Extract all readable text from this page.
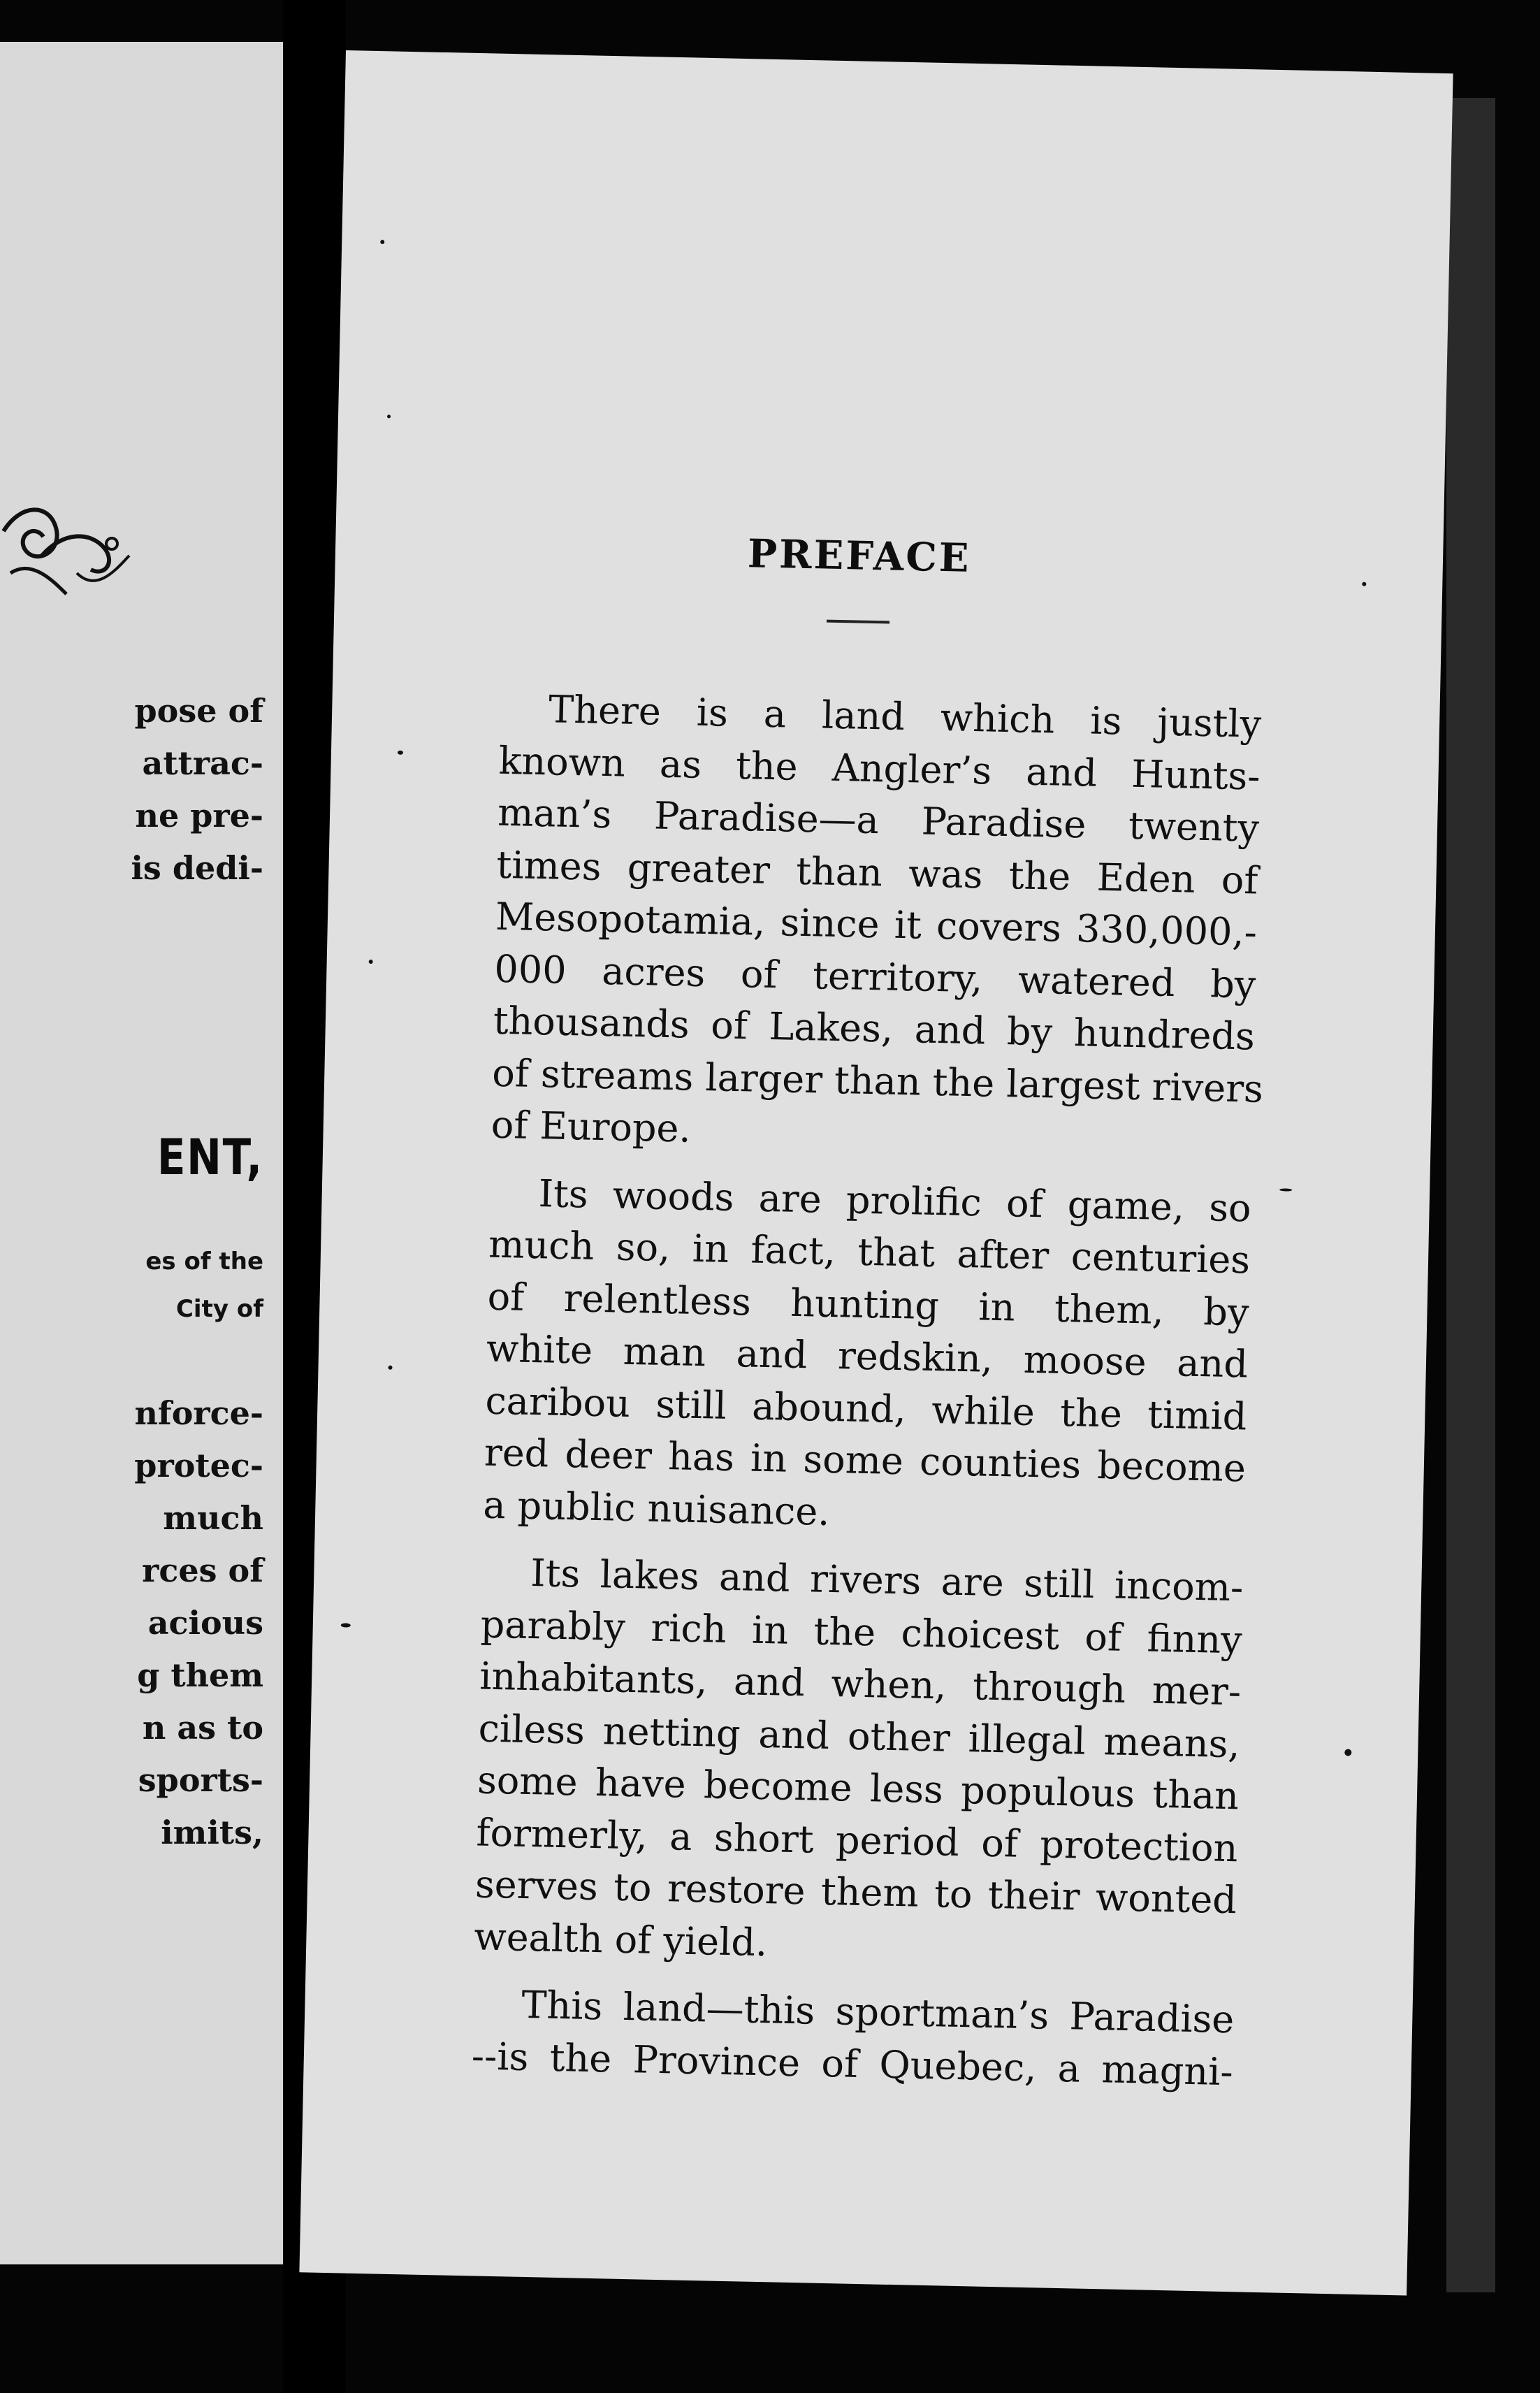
pose of
attrac-
ne pre-
is dedi-
ENT,
es of the
City of
nforce-
protec-
much
rces of
acious
g them
n as to
sports-
imits,
PREFACE
There is a land which is justly
known as the Angler’s and Hunts-
man’s Paradise—a Paradise twenty
times greater than was the Eden of
Mesopotamia, since it covers 330,000,-
000 acres of territory, watered by
thousands of Lakes, and by hundreds
of streams larger than the largest rivers
of Europe.
Its woods are prolific of game, so
much so, in fact, that after centuries
of relentless hunting in them, by
white man and redskin, moose and
caribou still abound, while the timid
red deer has in some counties become
a public nuisance.
Its lakes and rivers are still incom-
parably rich in the choicest of finny
inhabitants, and when, through mer-
ciless netting and other illegal means,
some have become less populous than
formerly, a short period of protection
serves to restore them to their wonted
wealth of yield.
This land—this sportman’s Paradise
--is the Province of Quebec, a magni-
